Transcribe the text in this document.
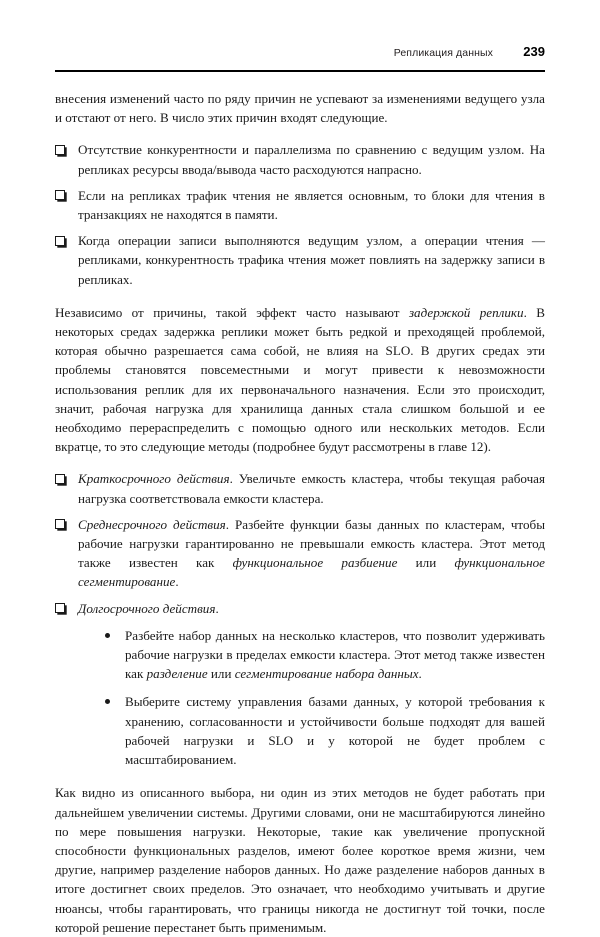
Репликация данных	239

внесения изменений часто по ряду причин не успевают за изменениями ведущего узла и отстают от него. В число этих причин входят следующие.

Отсутствие конкурентности и параллелизма по сравнению с ведущим узлом. На репликах ресурсы ввода/вывода часто расходуются напрасно.
Если на репликах трафик чтения не является основным, то блоки для чтения в транзакциях не находятся в памяти.
Когда операции записи выполняются ведущим узлом, а операции чтения — репликами, конкурентность трафика чтения может повлиять на задержку записи в репликах.

Независимо от причины, такой эффект часто называют задержкой реплики. В некоторых средах задержка реплики может быть редкой и преходящей проблемой, которая обычно разрешается сама собой, не влияя на SLO. В других средах эти проблемы становятся повсеместными и могут привести к невозможности использования реплик для их первоначального назначения. Если это происходит, значит, рабочая нагрузка для хранилища данных стала слишком большой и ее необходимо перераспределить с помощью одного или нескольких методов. Если вкратце, то это следующие методы (подробнее будут рассмотрены в главе 12).

Краткосрочного действия. Увеличьте емкость кластера, чтобы текущая рабочая нагрузка соответствовала емкости кластера.
Среднесрочного действия. Разбейте функции базы данных по кластерам, чтобы рабочие нагрузки гарантированно не превышали емкость кластера. Этот метод также известен как функциональное разбиение или функциональное сегментирование.
Долгосрочного действия.
Разбейте набор данных на несколько кластеров, что позволит удерживать рабочие нагрузки в пределах емкости кластера. Этот метод также известен как разделение или сегментирование набора данных.
Выберите систему управления базами данных, у которой требования к хранению, согласованности и устойчивости больше подходят для вашей рабочей нагрузки и SLO и у которой не будет проблем с масштабированием.

Как видно из описанного выбора, ни один из этих методов не будет работать при дальнейшем увеличении системы. Другими словами, они не масштабируются линейно по мере повышения нагрузки. Некоторые, такие как увеличение пропускной способности функциональных разделов, имеют более короткое время жизни, чем другие, например разделение наборов данных. Но даже разделение наборов данных в итоге достигнет своих пределов. Это означает, что необходимо учитывать и другие нюансы, чтобы гарантировать, что границы никогда не достигнут той точки, после которой решение перестанет быть применимым.
